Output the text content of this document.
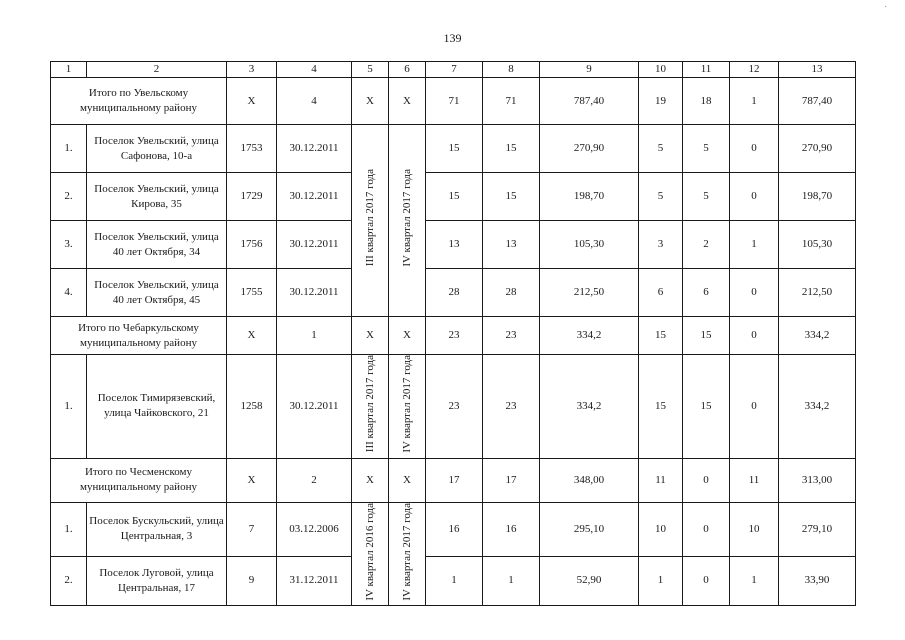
139
·
1	2	3	4	5	6	7	8	9	10	11	12	13
Итого по Увельскому муниципальному району		Х	4	Х	Х	71	71	787,40	19	18	1	787,40
1.	Поселок Увельский, улица Сафонова, 10-а	1753	30.12.2011	III квартал 2017 года	IV квартал 2017 года	15	15	270,90	5	5	0	270,90
2.	Поселок Увельский, улица Кирова, 35	1729	30.12.2011			15	15	198,70	5	5	0	198,70
3.	Поселок Увельский, улица 40 лет Октября, 34	1756	30.12.2011			13	13	105,30	3	2	1	105,30
4.	Поселок Увельский, улица 40 лет Октября, 45	1755	30.12.2011			28	28	212,50	6	6	0	212,50
Итого по Чебаркульскому муниципальному району		Х	1	Х	Х	23	23	334,2	15	15	0	334,2
1.	Поселок Тимирязевский, улица Чайковского, 21	1258	30.12.2011	III квартал 2017 года	IV квартал 2017 года	23	23	334,2	15	15	0	334,2
Итого по Чесменскому муниципальному району		Х	2	Х	Х	17	17	348,00	11	0	11	313,00
1.	Поселок Бускульский, улица Центральная, 3	7	03.12.2006	IV квартал 2016 года	IV квартал 2017 года	16	16	295,10	10	0	10	279,10
2.	Поселок Луговой, улица Центральная, 17	9	31.12.2011			1	1	52,90	1	0	1	33,90
